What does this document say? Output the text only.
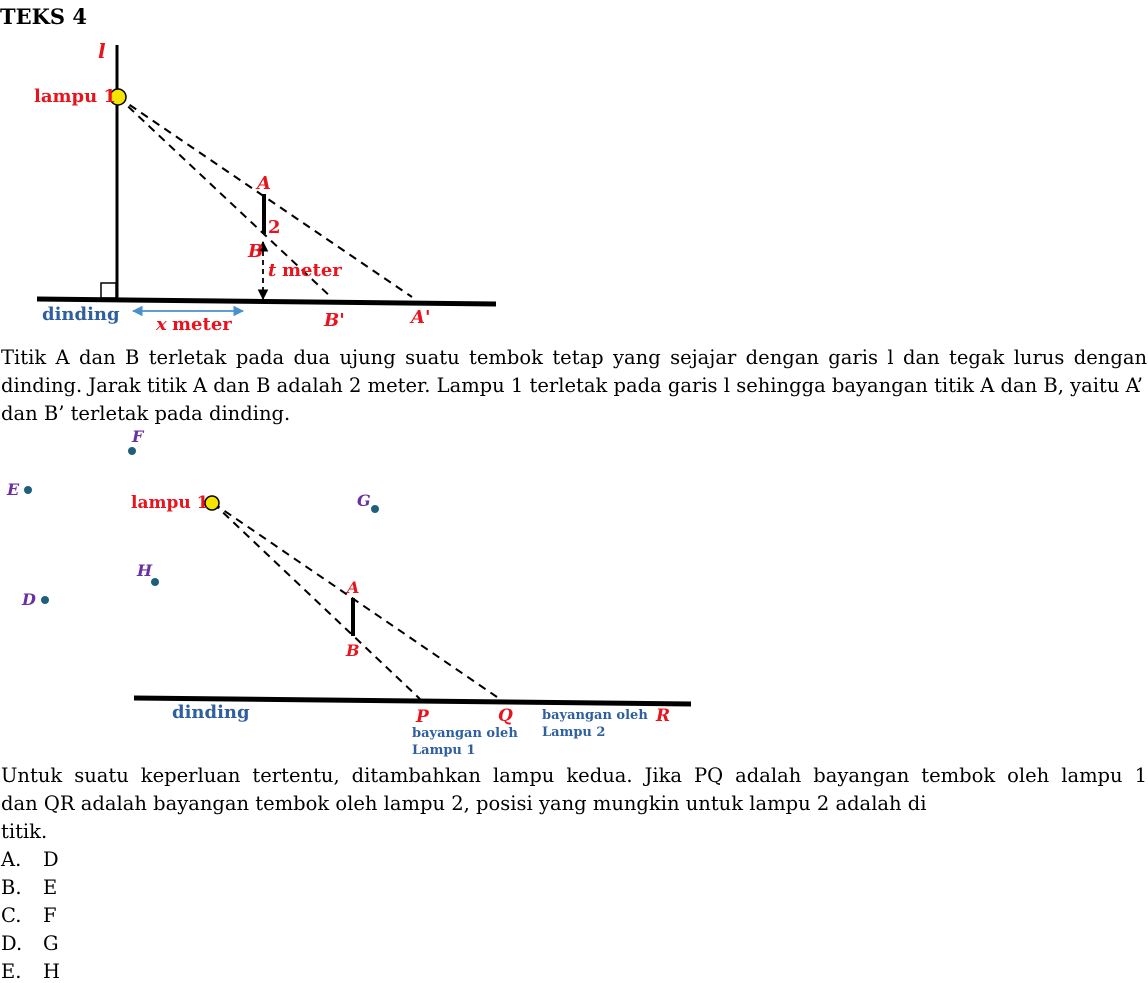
TEKS 4
l
lampu 1
A
2
B
t meter
dinding x meter	B'	A'
Titik A dan B terletak pada dua ujung suatu tembok tetap yang sejajar dengan garis l dan tegak lurus dengan
dinding. Jarak titik A dan B adalah 2 meter. Lampu 1 terletak pada garis l sehingga bayangan titik A dan B, yaitu A’
dan B’ terletak pada dinding.
F
E
G
H
D
lampu 1
A
B
dinding	P	Q	R
bayangan oleh
Lampu 1
bayangan oleh
Lampu 2
Untuk suatu keperluan tertentu, ditambahkan lampu kedua. Jika PQ adalah bayangan tembok oleh lampu 1
dan QR adalah bayangan tembok oleh lampu 2, posisi yang mungkin untuk lampu 2 adalah di
titik.
A. D
B. E
C. F
D. G
E. H
